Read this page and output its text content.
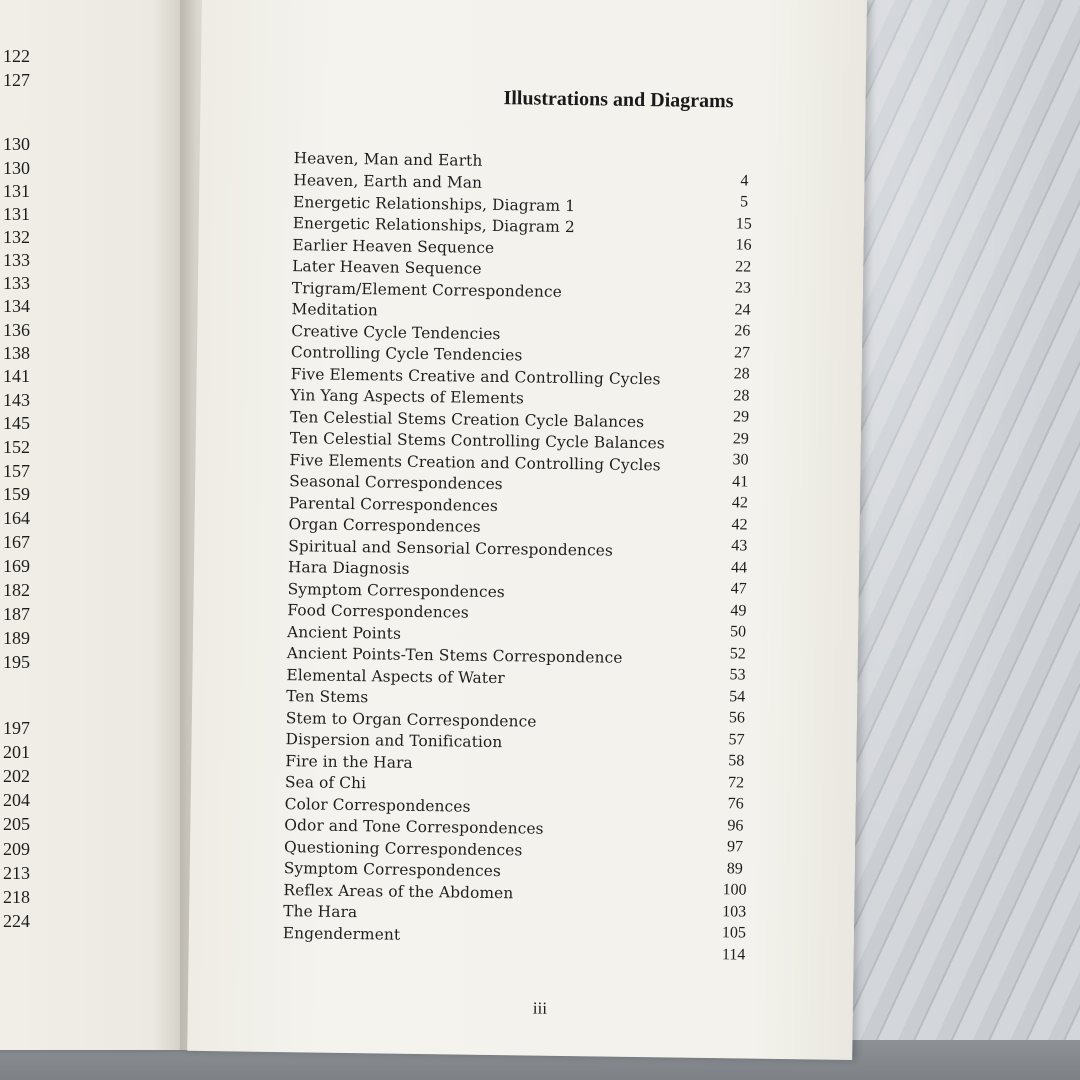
122
127
130
130
131
131
132
133
133
134
136
138
141
143
145
152
157
159
164
167
169
182
187
189
195
197
201
202
204
205
209
213
218
224
Illustrations and Diagrams
Heaven, Man and Earth
Heaven, Earth and Man
Energetic Relationships, Diagram 1
Energetic Relationships, Diagram 2
Earlier Heaven Sequence
Later Heaven Sequence
Trigram/Element Correspondence
Meditation
Creative Cycle Tendencies
Controlling Cycle Tendencies
Five Elements Creative and Controlling Cycles
Yin Yang Aspects of Elements
Ten Celestial Stems Creation Cycle Balances
Ten Celestial Stems Controlling Cycle Balances
Five Elements Creation and Controlling Cycles
Seasonal Correspondences
Parental Correspondences
Organ Correspondences
Spiritual and Sensorial Correspondences
Hara Diagnosis
Symptom Correspondences
Food Correspondences
Ancient Points
Ancient Points-Ten Stems Correspondence
Elemental Aspects of Water
Ten Stems
Stem to Organ Correspondence
Dispersion and Tonification
Fire in the Hara
Sea of Chi
Color Correspondences
Odor and Tone Correspondences
Questioning Correspondences
Symptom Correspondences
Reflex Areas of the Abdomen
The Hara
Engenderment
4
5
15
16
22
23
24
26
27
28
28
29
29
30
41
42
42
43
44
47
49
50
52
53
54
56
57
58
72
76
96
97
89
100
103
105
114
iii
